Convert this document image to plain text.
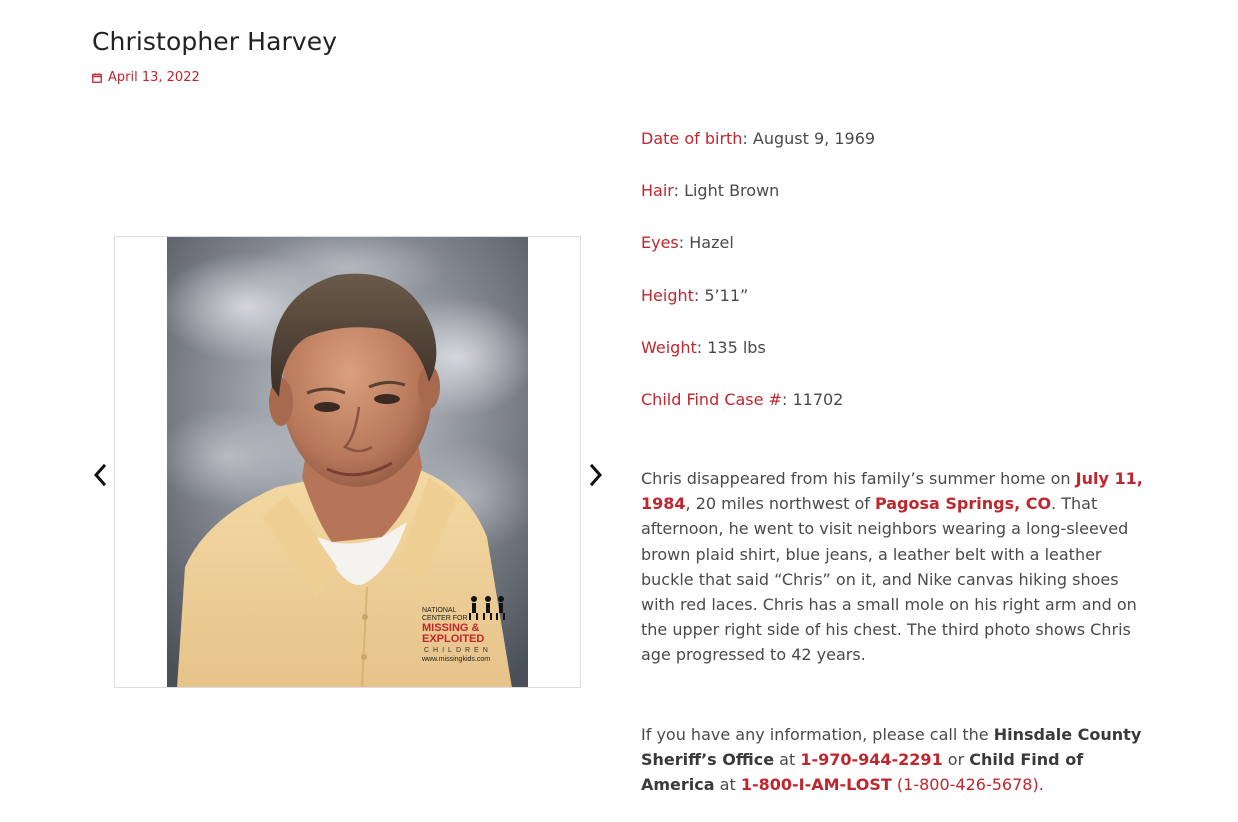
Christopher Harvey
April 13, 2022
NATIONAL
CENTER FOR
MISSING &
EXPLOITED
CHILDREN
www.missingkids.com
Date of birth: August 9, 1969
Hair: Light Brown
Eyes: Hazel
Height: 5’11”
Weight: 135 lbs
Child Find Case #: 11702

Chris disappeared from his family’s summer home on July 11, 1984, 20 miles northwest of Pagosa Springs, CO. That afternoon, he went to visit neighbors wearing a long-sleeved brown plaid shirt, blue jeans, a leather belt with a leather buckle that said “Chris” on it, and Nike canvas hiking shoes with red laces. Chris has a small mole on his right arm and on the upper right side of his chest. The third photo shows Chris age progressed to 42 years.

If you have any information, please call the Hinsdale County Sheriff’s Office at 1-970-944-2291 or Child Find of America at 1-800-I-AM-LOST (1-800-426-5678).
